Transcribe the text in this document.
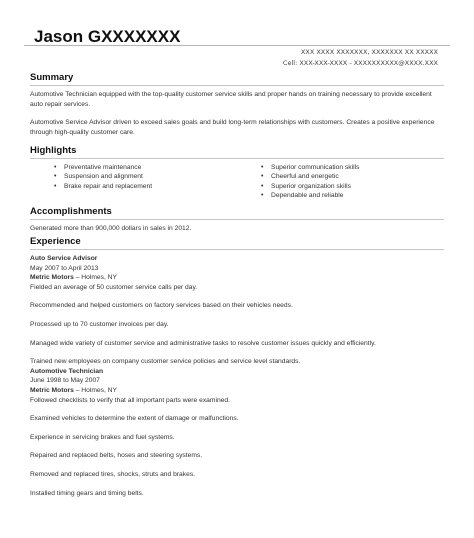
Jason GXXXXXXX
XXX XXXX XXXXXXX, XXXXXXX XX XXXXX
Cell: XXX-XXX-XXXX - XXXXXXXXXX@XXXX.XXX
Summary

Automotive Technician equipped with the top-quality customer service skills and proper hands on training necessary to provide excellent auto repair services.

Automotive Service Advisor driven to exceed sales goals and build long-term relationships with customers. Creates a positive experience through high-quality customer care.

Highlights
• Preventative maintenance
• Suspension and alignment
• Brake repair and replacement
• Superior communication skills
• Cheerful and energetic
• Superior organization skills
• Dependable and reliable
Accomplishments
Generated more than 900,000 dollars in sales in 2012.
Experience
Auto Service Advisor
May 2007 to April 2013
Metric Motors – Holmes, NY

Fielded an average of 50 customer service calls per day.

Recommended and helped customers on factory services based on their vehicles needs.

Processed up to 70 customer invoices per day.

Managed wide variety of customer service and administrative tasks to resolve customer issues quickly and efficiently.

Trained new employees on company customer service policies and service level standards.

Automotive Technician
June 1998 to May 2007
Metric Motors – Holmes, NY

Followed checklists to verify that all important parts were examined.

Examined vehicles to determine the extent of damage or malfunctions.

Experience in servicing brakes and fuel systems.

Repaired and replaced belts, hoses and steering systems.

Removed and replaced tires, shocks, struts and brakes.

Installed timing gears and timing belts.
